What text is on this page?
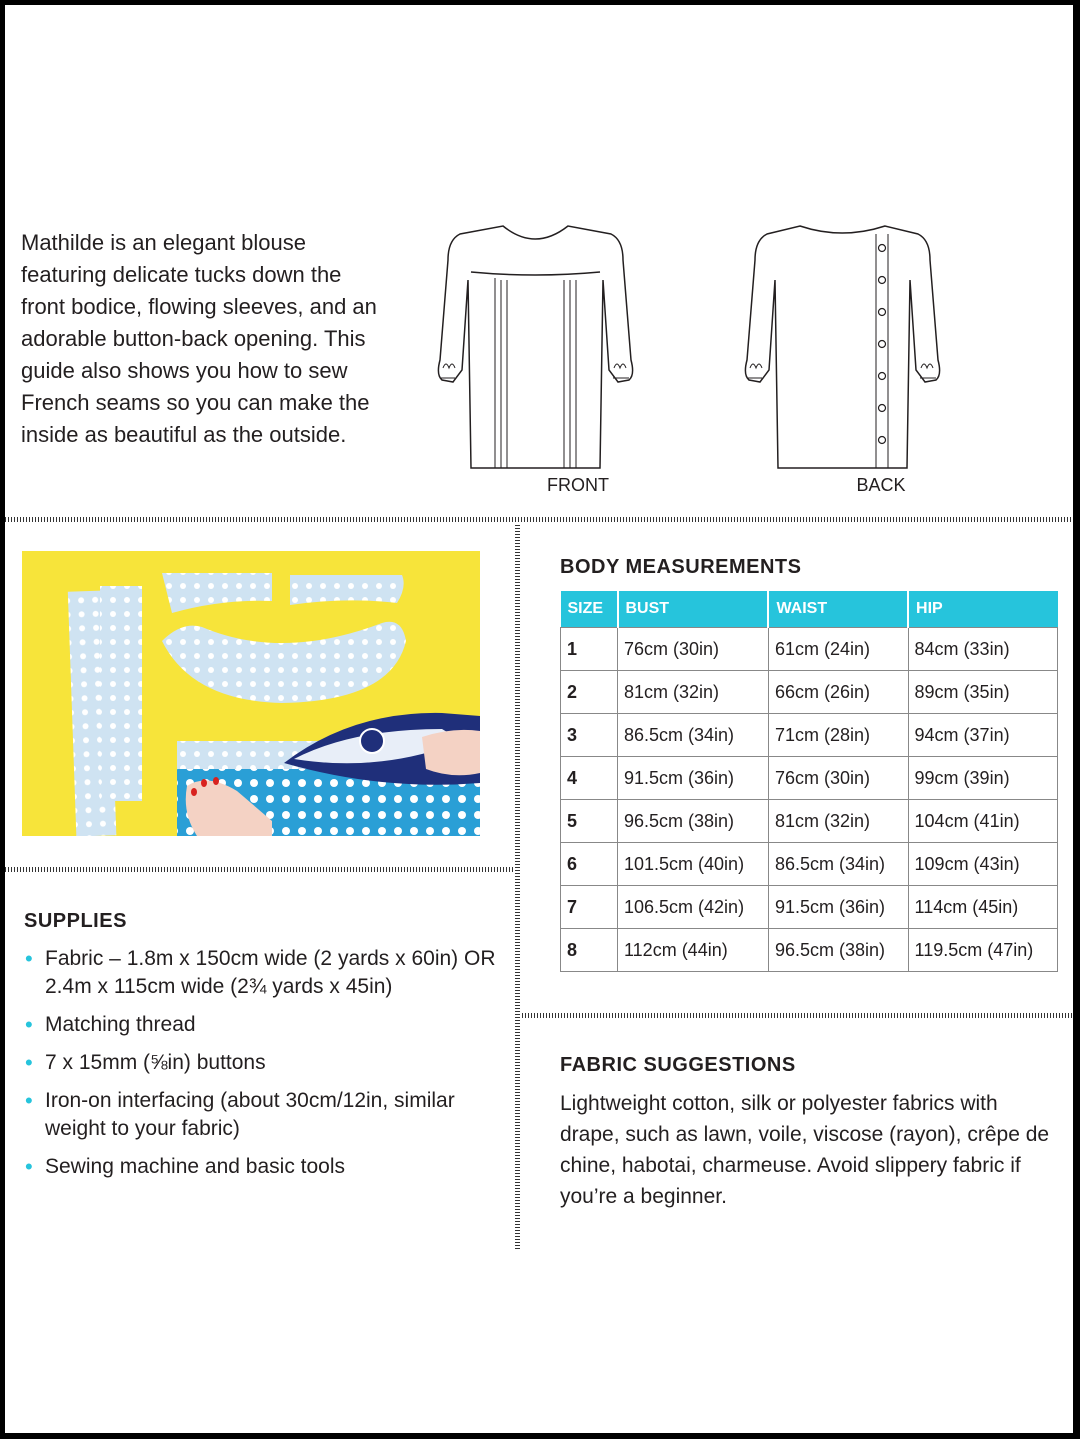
Mathilde is an elegant blouse featuring delicate tucks down the front bodice, flowing sleeves, and an adorable button-back opening. This guide also shows you how to sew French seams so you can make the inside as beautiful as the outside.
FRONT	BACK
BODY MEASUREMENTS
SIZE	BUST	WAIST	HIP
1	76cm (30in)	61cm (24in)	84cm (33in)
2	81cm (32in)	66cm (26in)	89cm (35in)
3	86.5cm (34in)	71cm (28in)	94cm (37in)
4	91.5cm (36in)	76cm (30in)	99cm (39in)
5	96.5cm (38in)	81cm (32in)	104cm (41in)
6	101.5cm (40in)	86.5cm (34in)	109cm (43in)
7	106.5cm (42in)	91.5cm (36in)	114cm (45in)
8	112cm (44in)	96.5cm (38in)	119.5cm (47in)
SUPPLIES
• Fabric – 1.8m x 150cm wide (2 yards x 60in) OR 2.4m x 115cm wide (2¾ yards x 45in)
• Matching thread
• 7 x 15mm (⅝in) buttons
• Iron-on interfacing (about 30cm/12in, similar weight to your fabric)
• Sewing machine and basic tools
FABRIC SUGGESTIONS
Lightweight cotton, silk or polyester fabrics with drape, such as lawn, voile, viscose (rayon), crêpe de chine, habotai, charmeuse. Avoid slippery fabric if you’re a beginner.
